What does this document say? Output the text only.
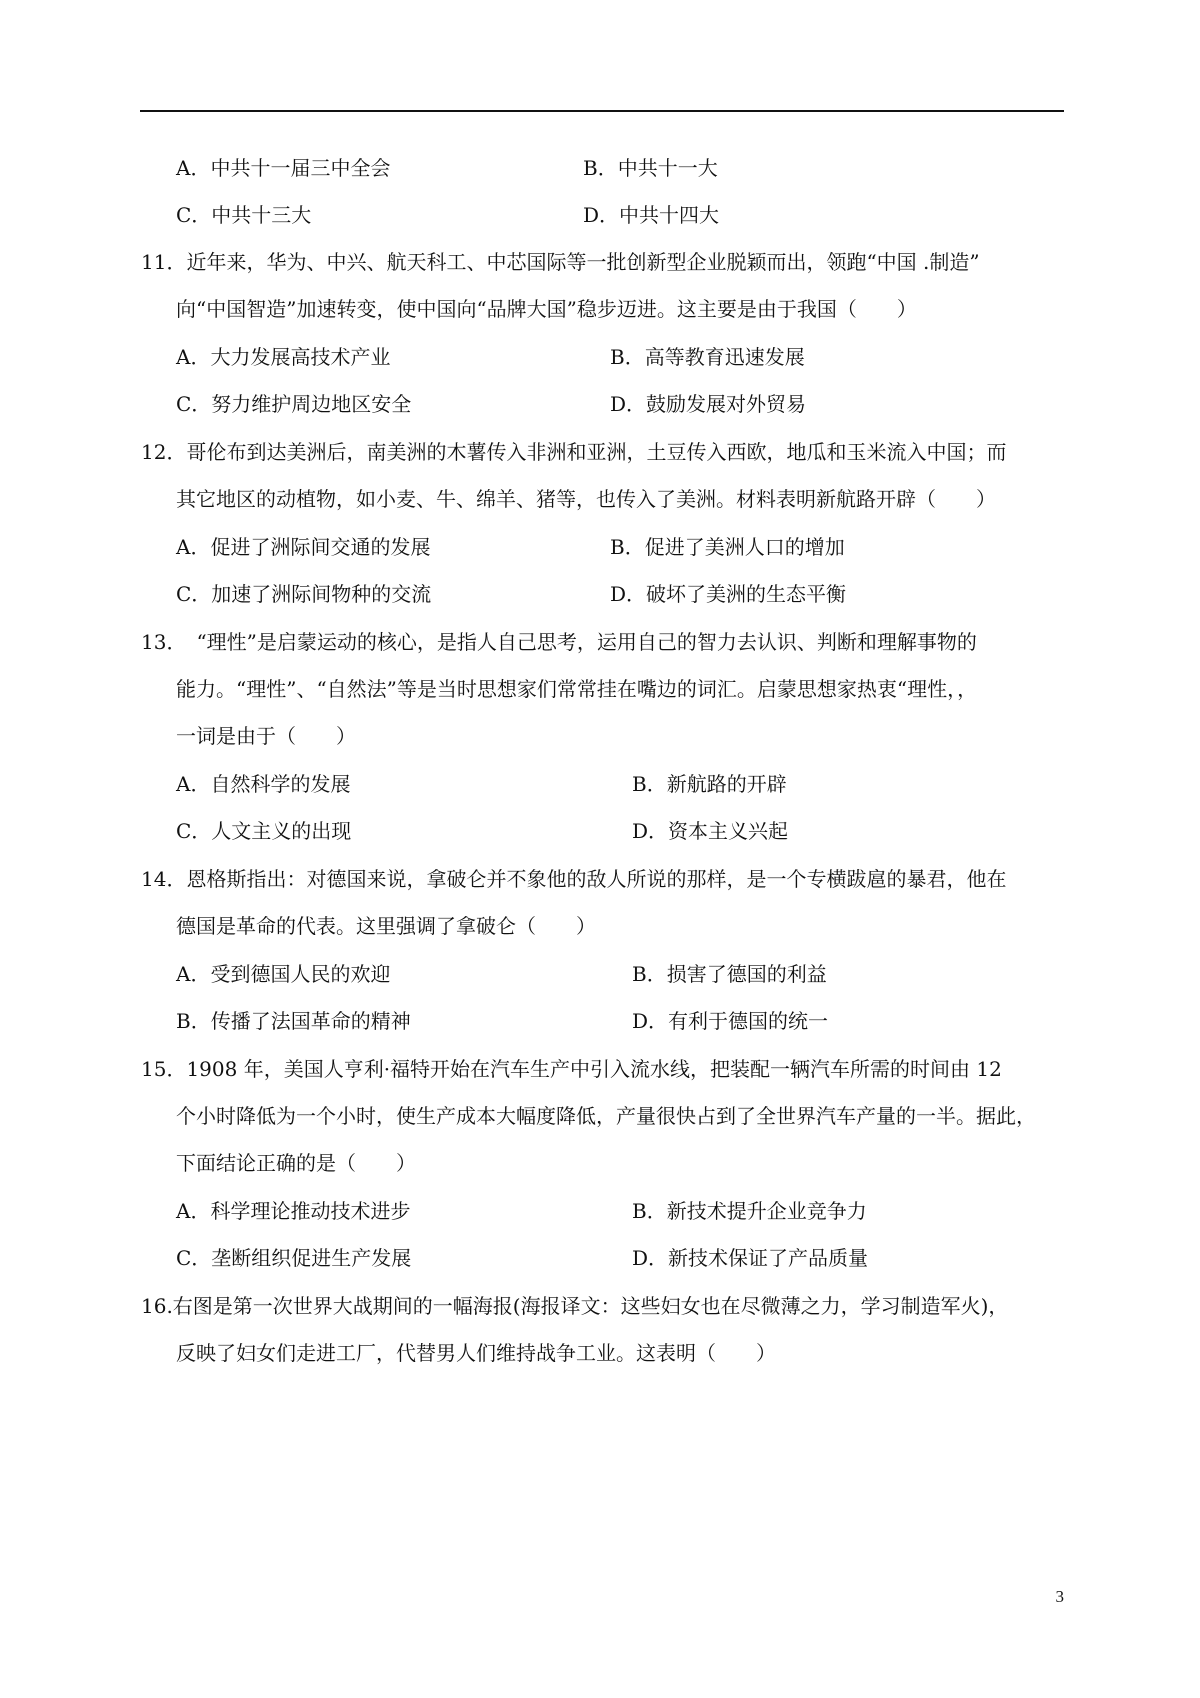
A．中共十一届三中全会	B．中共十一大
C．中共十三大	D．中共十四大
11．近年来，华为、中兴、航天科工、中芯国际等一批创新型企业脱颖而出，领跑“中国 .制造”
向“中国智造”加速转变，使中国向“品牌大国”稳步迈进。这主要是由于我国（　　）
A．大力发展高技术产业	B．高等教育迅速发展
C．努力维护周边地区安全	D．鼓励发展对外贸易
12．哥伦布到达美洲后，南美洲的木薯传入非洲和亚洲，土豆传入西欧，地瓜和玉米流入中国；而
其它地区的动植物，如小麦、牛、绵羊、猪等，也传入了美洲。材料表明新航路开辟（　　）
A．促进了洲际间交通的发展	B．促进了美洲人口的增加
C．加速了洲际间物种的交流	D．破坏了美洲的生态平衡
13．　“理性”是启蒙运动的核心，是指人自己思考，运用自己的智力去认识、判断和理解事物的
能力。“理性”、“自然法”等是当时思想家们常常挂在嘴边的词汇。启蒙思想家热衷“理性，，
一词是由于（　　）
A．自然科学的发展	B．新航路的开辟
C．人文主义的出现	D．资本主义兴起
14．恩格斯指出：对德国来说，拿破仑并不象他的敌人所说的那样，是一个专横跋扈的暴君，他在
德国是革命的代表。这里强调了拿破仑（　　）
A．受到德国人民的欢迎	B．损害了德国的利益
B．传播了法国革命的精神	D．有利于德国的统一
15．1908 年，美国人亨利·福特开始在汽车生产中引入流水线，把装配一辆汽车所需的时间由 12
个小时降低为一个小时，使生产成本大幅度降低，产量很快占到了全世界汽车产量的一半。据此，
下面结论正确的是（　　）
A．科学理论推动技术进步	B．新技术提升企业竞争力
C．垄断组织促进生产发展	D．新技术保证了产品质量
16.右图是第一次世界大战期间的一幅海报(海报译文：这些妇女也在尽微薄之力，学习制造军火)，
反映了妇女们走进工厂，代替男人们维持战争工业。这表明（　　）
3
